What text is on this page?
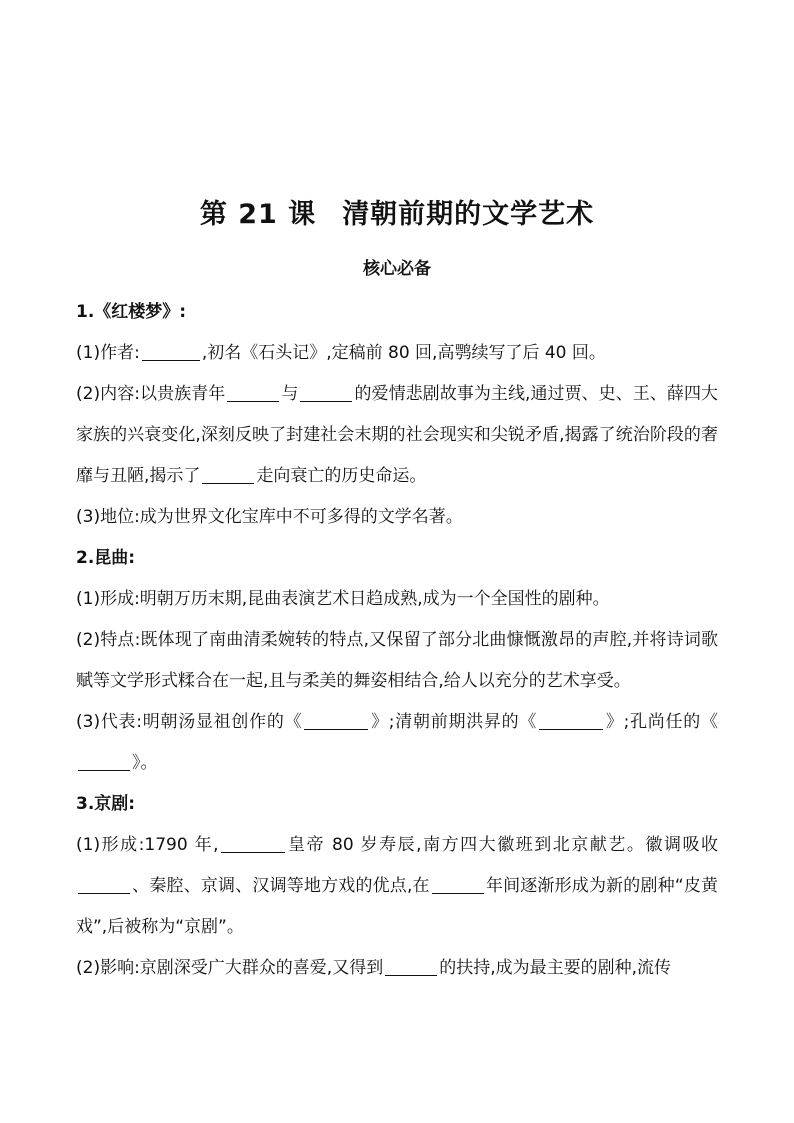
第 21 课 清朝前期的文学艺术
核心必备
1.《红楼梦》:
(1)作者:	,初名《石头记》,定稿前 80 回,高鹗续写了后 40 回。
(2)内容:以贵族青年	与	的爱情悲剧故事为主线,通过贾、史、王、薛四大家族的兴衰变化,深刻反映了封建社会末期的社会现实和尖锐矛盾,揭露了统治阶段的奢靡与丑陋,揭示了	走向衰亡的历史命运。
(3)地位:成为世界文化宝库中不可多得的文学名著。
2.昆曲:
(1)形成:明朝万历末期,昆曲表演艺术日趋成熟,成为一个全国性的剧种。
(2)特点:既体现了南曲清柔婉转的特点,又保留了部分北曲慷慨激昂的声腔,并将诗词歌赋等文学形式糅合在一起,且与柔美的舞姿相结合,给人以充分的艺术享受。
(3)代表:明朝汤显祖创作的《	》;清朝前期洪昇的《	》;孔尚任的《》。
3.京剧:
(1)形成:1790 年,	皇帝 80 岁寿辰,南方四大徽班到北京献艺。徽调吸收、秦腔、京调、汉调等地方戏的优点,在	年间逐渐形成为新的剧种“皮黄戏”,后被称为“京剧”。
(2)影响:京剧深受广大群众的喜爱,又得到	的扶持,成为最主要的剧种,流传
